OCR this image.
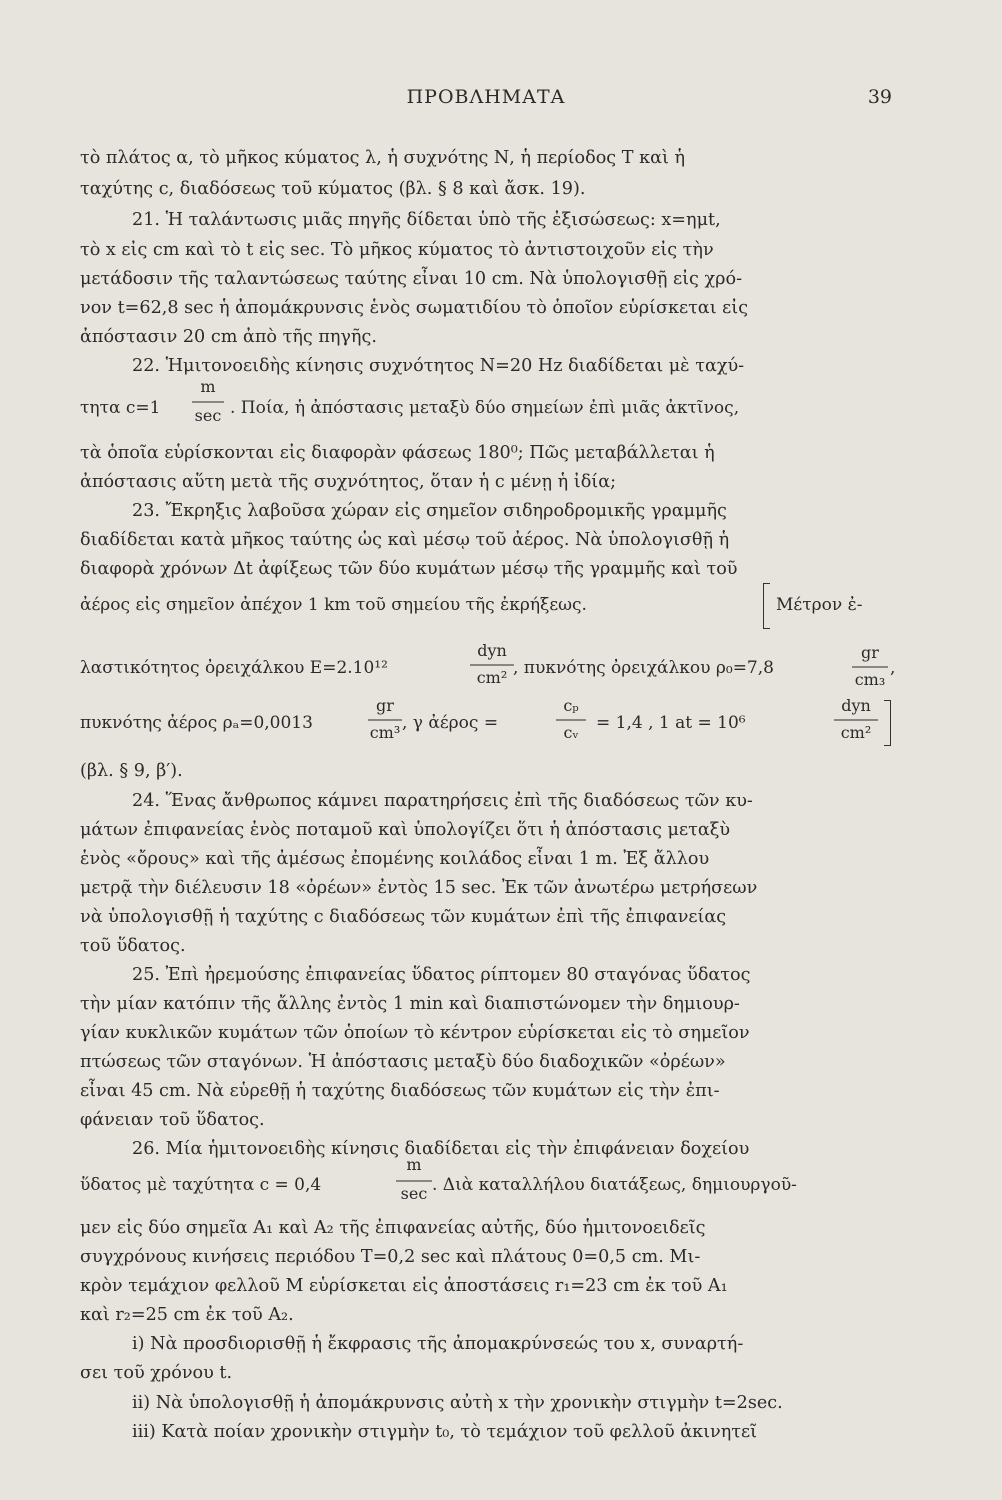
ΠΡΟΒΛΗΜΑΤΑ	39
τὸ πλάτος α, τὸ μῆκος κύματος λ, ἡ συχνότης Ν, ἡ περίοδος Τ καὶ ἡ
ταχύτης c, διαδόσεως τοῦ κύματος (βλ. § 8 καὶ ἄσκ. 19).
21. Ἡ ταλάντωσις μιᾶς πηγῆς δίδεται ὑπὸ τῆς ἐξισώσεως: x=ημt,
τὸ x εἰς cm καὶ τὸ t εἰς sec. Τὸ μῆκος κύματος τὸ ἀντιστοιχοῦν εἰς τὴν
μετάδοσιν τῆς ταλαντώσεως ταύτης εἶναι 10 cm. Νὰ ὑπολογισθῇ εἰς χρό-
νον t=62,8 sec ἡ ἀπομάκρυνσις ἑνὸς σωματιδίου τὸ ὁποῖον εὑρίσκεται εἰς
ἀπόστασιν 20 cm ἀπὸ τῆς πηγῆς.
22. Ἡμιτονοειδὴς κίνησις συχνότητος Ν=20 Hz διαδίδεται μὲ ταχύ-
τητα c=1
m
sec . Ποία, ἡ ἀπόστασις μεταξὺ δύο σημείων ἐπὶ μιᾶς ἀκτῖνος,
τὰ ὁποῖα εὑρίσκονται εἰς διαφορὰν φάσεως 180⁰; Πῶς μεταβάλλεται ἡ
ἀπόστασις αὕτη μετὰ τῆς συχνότητος, ὅταν ἡ c μένῃ ἡ ἰδία;
23. Ἔκρηξις λαβοῦσα χώραν εἰς σημεῖον σιδηροδρομικῆς γραμμῆς
διαδίδεται κατὰ μῆκος ταύτης ὡς καὶ μέσῳ τοῦ ἀέρος. Νὰ ὑπολογισθῇ ἡ
διαφορὰ χρόνων Δt ἀφίξεως τῶν δύο κυμάτων μέσῳ τῆς γραμμῆς καὶ τοῦ
ἀέρος εἰς σημεῖον ἀπέχον 1 km τοῦ σημείου τῆς ἐκρήξεως.	Μέτρον ἐ-
λαστικότητος ὀρειχάλκου Ε=2.10¹²
dyn
cm² , πυκνότης ὀρειχάλκου ρ₀=7,8
gr
cm₃
,
πυκνότης ἀέρος ρₐ=0,0013
gr
cm³ , γ ἀέρος =
cₚ
cᵥ	= 1,4 , 1 at = 10⁶
dyn
cm²
(βλ. § 9, β′).
24. Ἕνας ἄνθρωπος κάμνει παρατηρήσεις ἐπὶ τῆς διαδόσεως τῶν κυ-
μάτων ἐπιφανείας ἑνὸς ποταμοῦ καὶ ὑπολογίζει ὅτι ἡ ἀπόστασις μεταξὺ
ἑνὸς «ὄρους» καὶ τῆς ἀμέσως ἐπομένης κοιλάδος εἶναι 1 m. Ἐξ ἄλλου
μετρᾷ τὴν διέλευσιν 18 «ὀρέων» ἐντὸς 15 sec. Ἐκ τῶν ἀνωτέρω μετρήσεων
νὰ ὑπολογισθῇ ἡ ταχύτης c διαδόσεως τῶν κυμάτων ἐπὶ τῆς ἐπιφανείας
τοῦ ὕδατος.
25. Ἐπὶ ἠρεμούσης ἐπιφανείας ὕδατος ρίπτομεν 80 σταγόνας ὕδατος
τὴν μίαν κατόπιν τῆς ἄλλης ἐντὸς 1 min καὶ διαπιστώνομεν τὴν δημιουρ-
γίαν κυκλικῶν κυμάτων τῶν ὁποίων τὸ κέντρον εὑρίσκεται εἰς τὸ σημεῖον
πτώσεως τῶν σταγόνων. Ἡ ἀπόστασις μεταξὺ δύο διαδοχικῶν «ὀρέων»
εἶναι 45 cm. Νὰ εὑρεθῇ ἡ ταχύτης διαδόσεως τῶν κυμάτων εἰς τὴν ἐπι-
φάνειαν τοῦ ὕδατος.
26. Μία ἡμιτονοειδὴς κίνησις διαδίδεται εἰς τὴν ἐπιφάνειαν δοχείου
ὕδατος μὲ ταχύτητα c = 0,4
m
sec . Διὰ καταλλήλου διατάξεως, δημιουργοῦ-
μεν εἰς δύο σημεῖα Α₁ καὶ Α₂ τῆς ἐπιφανείας αὐτῆς, δύο ἡμιτονοειδεῖς
συγχρόνους κινήσεις περιόδου Τ=0,2 sec καὶ πλάτους 0=0,5 cm. Μι-
κρὸν τεμάχιον φελλοῦ Μ εὑρίσκεται εἰς ἀποστάσεις r₁=23 cm ἐκ τοῦ Α₁
καὶ r₂=25 cm ἐκ τοῦ Α₂.
i) Νὰ προσδιορισθῇ ἡ ἔκφρασις τῆς ἀπομακρύνσεώς του x, συναρτή-
σει τοῦ χρόνου t.
ii) Νὰ ὑπολογισθῇ ἡ ἀπομάκρυνσις αὐτὴ x τὴν χρονικὴν στιγμὴν t=2sec.
iii) Κατὰ ποίαν χρονικὴν στιγμὴν t₀, τὸ τεμάχιον τοῦ φελλοῦ ἀκινητεῖ
